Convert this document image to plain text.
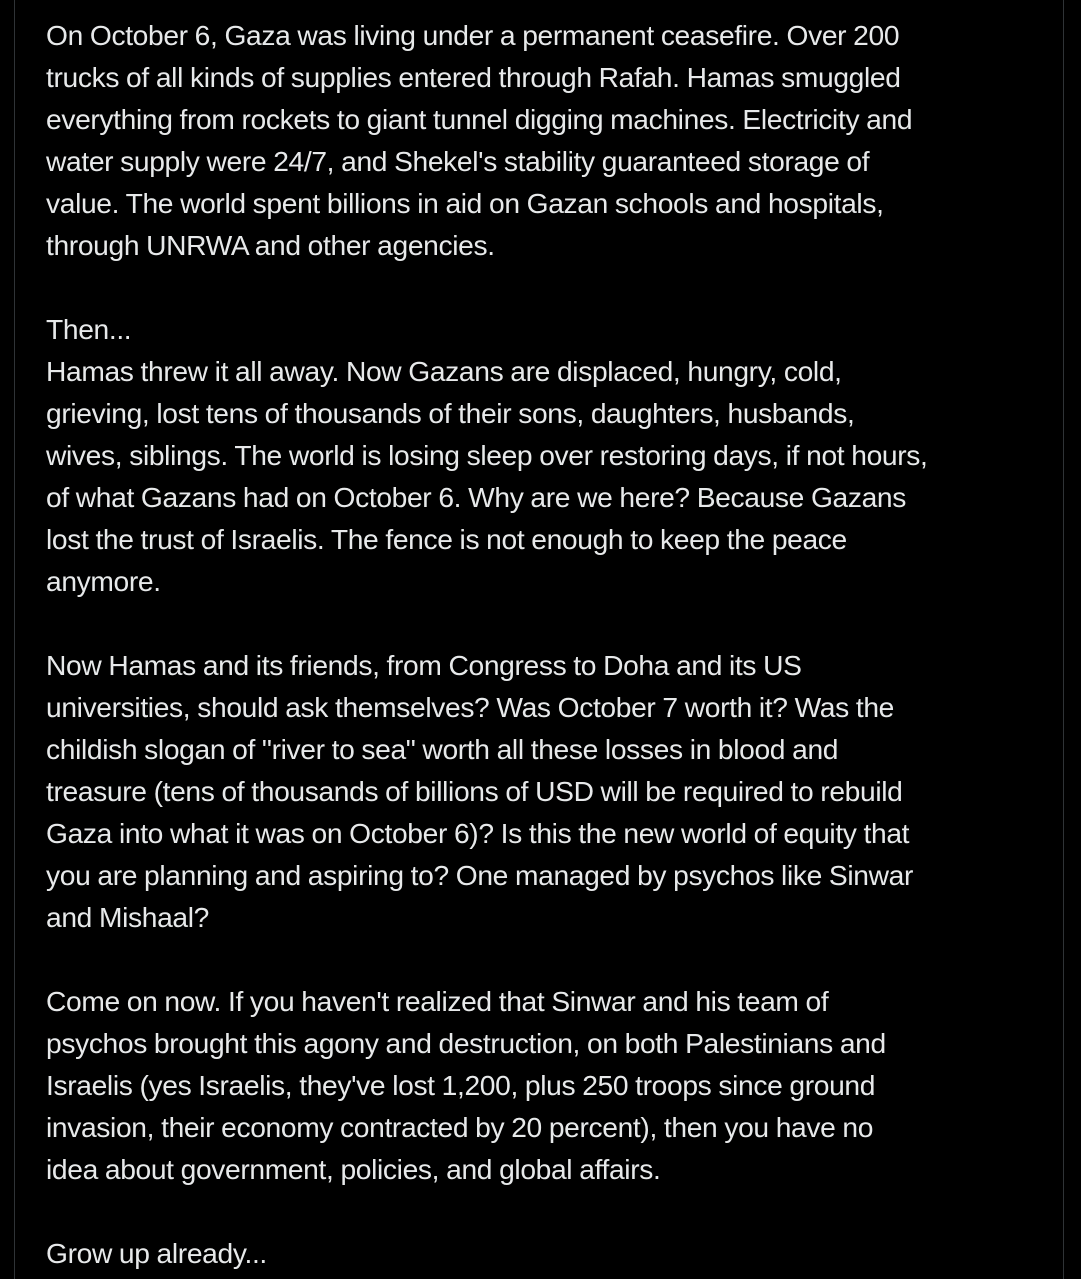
On October 6, Gaza was living under a permanent ceasefire. Over 200
trucks of all kinds of supplies entered through Rafah. Hamas smuggled
everything from rockets to giant tunnel digging machines. Electricity and
water supply were 24/7, and Shekel's stability guaranteed storage of
value. The world spent billions in aid on Gazan schools and hospitals,
through UNRWA and other agencies.

Then...
Hamas threw it all away. Now Gazans are displaced, hungry, cold,
grieving, lost tens of thousands of their sons, daughters, husbands,
wives, siblings. The world is losing sleep over restoring days, if not hours,
of what Gazans had on October 6. Why are we here? Because Gazans
lost the trust of Israelis. The fence is not enough to keep the peace
anymore.

Now Hamas and its friends, from Congress to Doha and its US
universities, should ask themselves? Was October 7 worth it? Was the
childish slogan of "river to sea" worth all these losses in blood and
treasure (tens of thousands of billions of USD will be required to rebuild
Gaza into what it was on October 6)? Is this the new world of equity that
you are planning and aspiring to? One managed by psychos like Sinwar
and Mishaal?

Come on now. If you haven't realized that Sinwar and his team of
psychos brought this agony and destruction, on both Palestinians and
Israelis (yes Israelis, they've lost 1,200, plus 250 troops since ground
invasion, their economy contracted by 20 percent), then you have no
idea about government, policies, and global affairs.

Grow up already...
